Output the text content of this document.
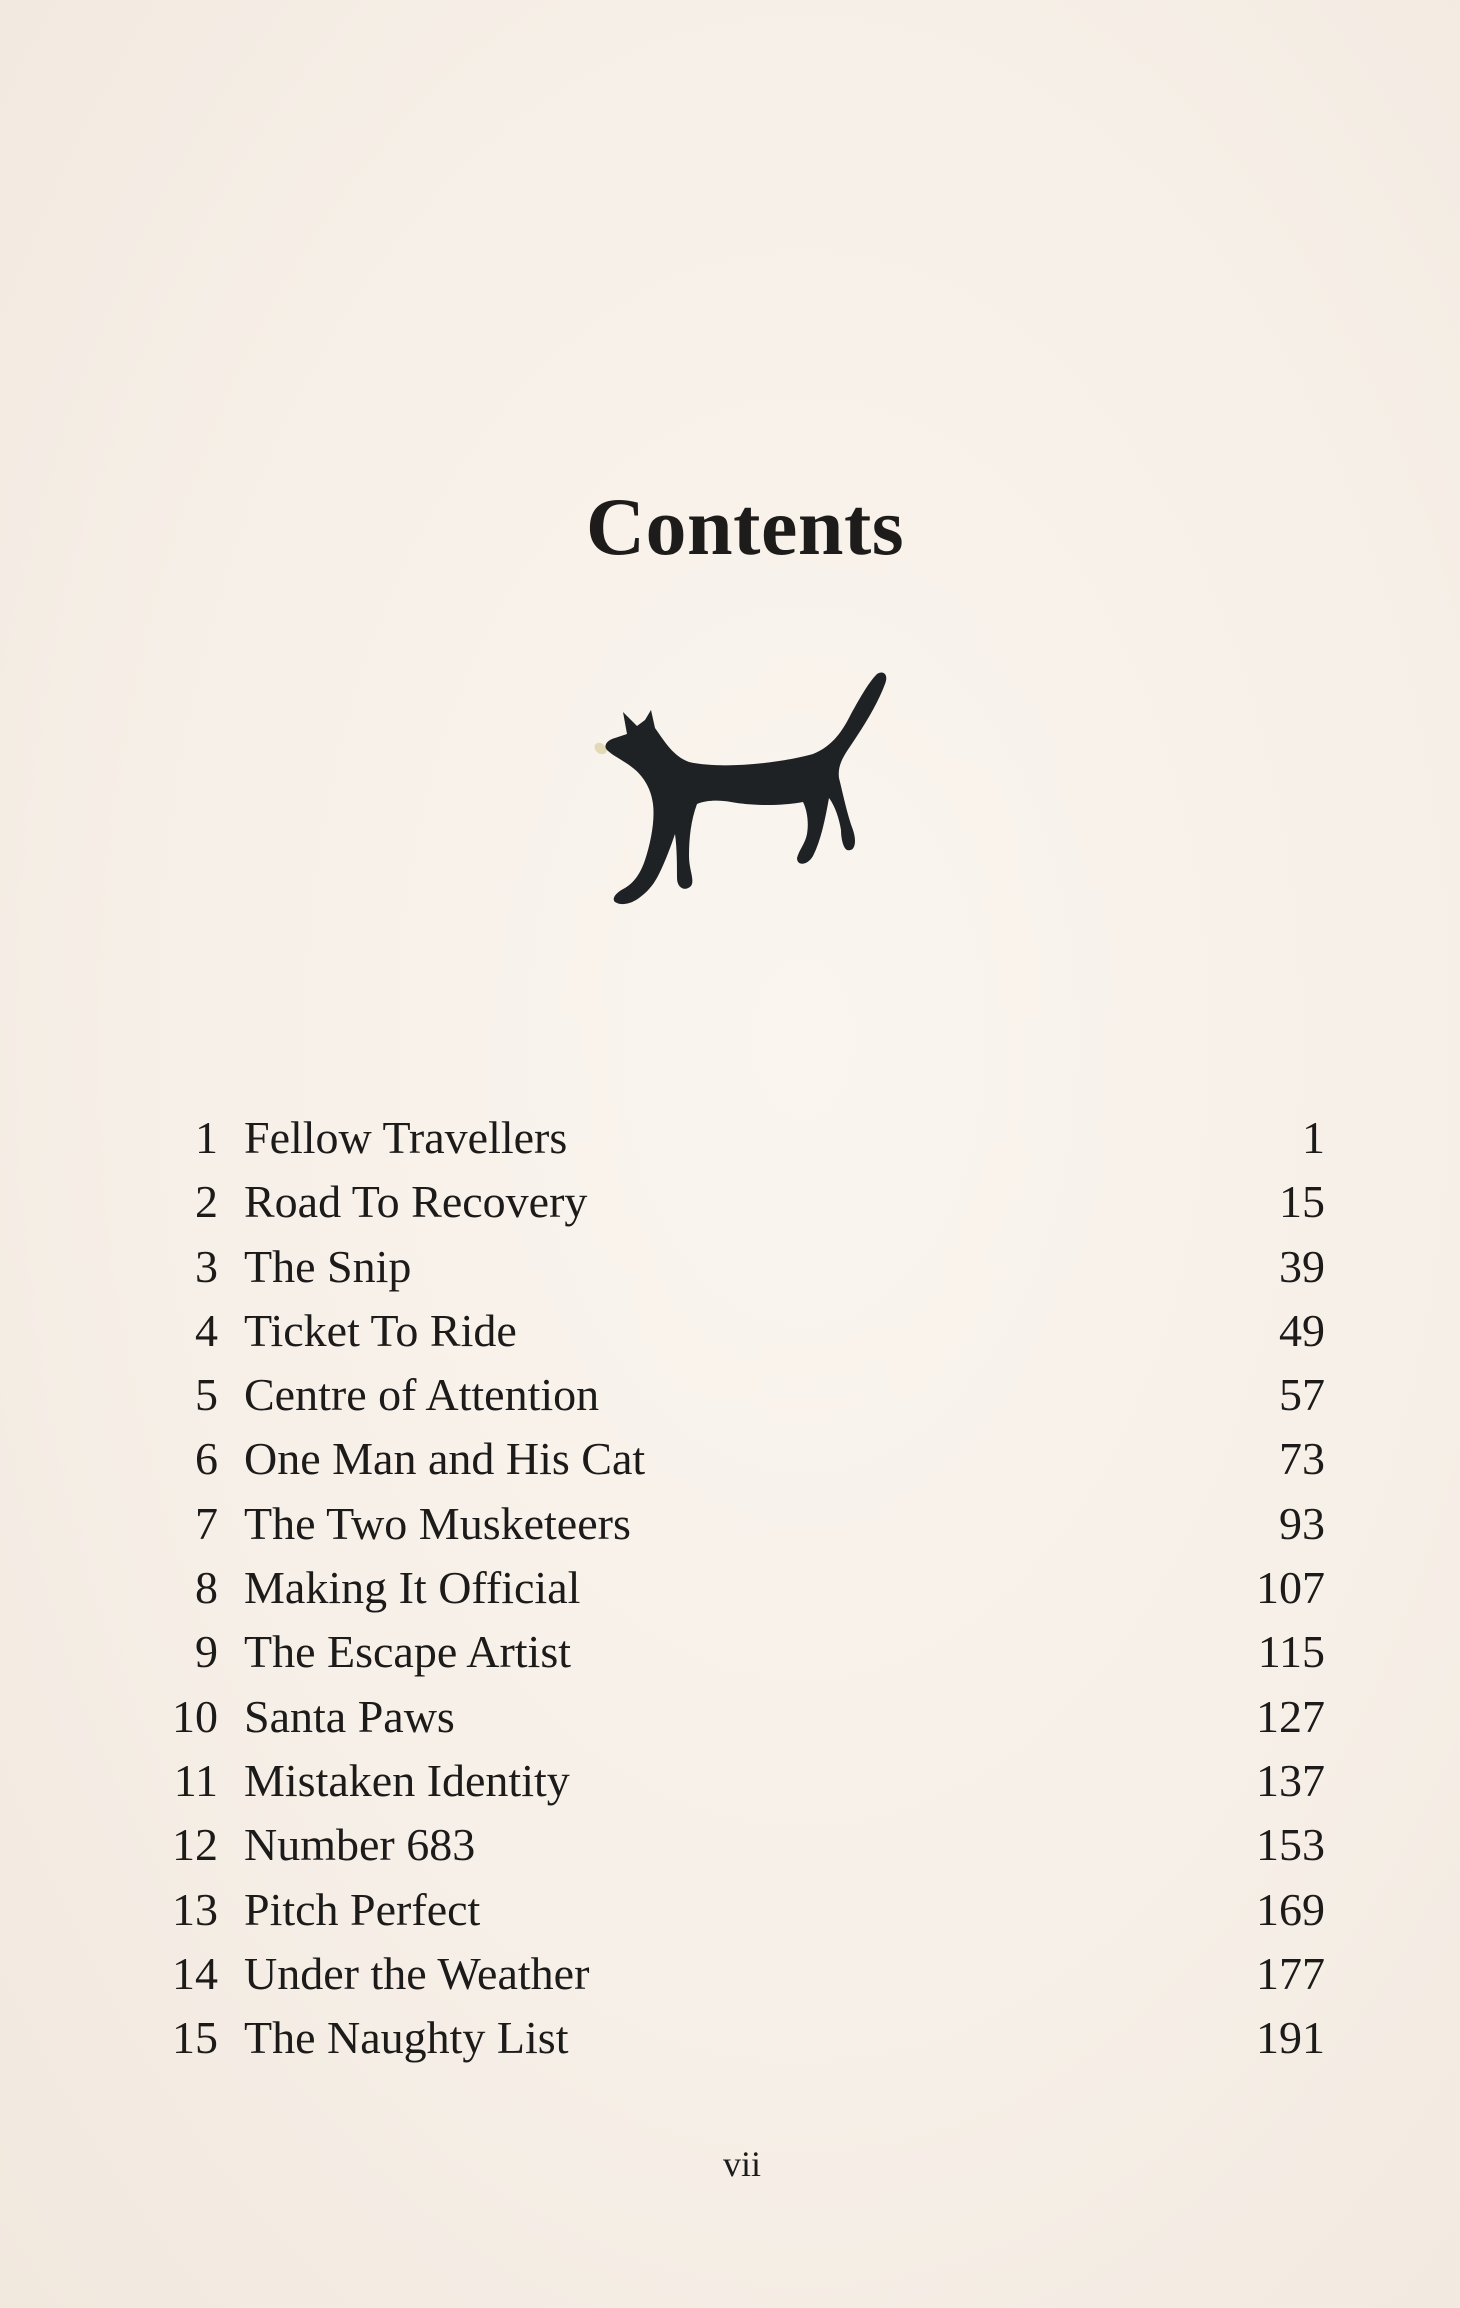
Contents
1 Fellow Travellers	1
2 Road To Recovery	15
3 The Snip	39
4 Ticket To Ride	49
5 Centre of Attention	57
6 One Man and His Cat	73
7 The Two Musketeers	93
8 Making It Official	107
9 The Escape Artist	115
10 Santa Paws	127
11 Mistaken Identity	137
12 Number 683	153
13 Pitch Perfect	169
14 Under the Weather	177
15 The Naughty List	191
vii
